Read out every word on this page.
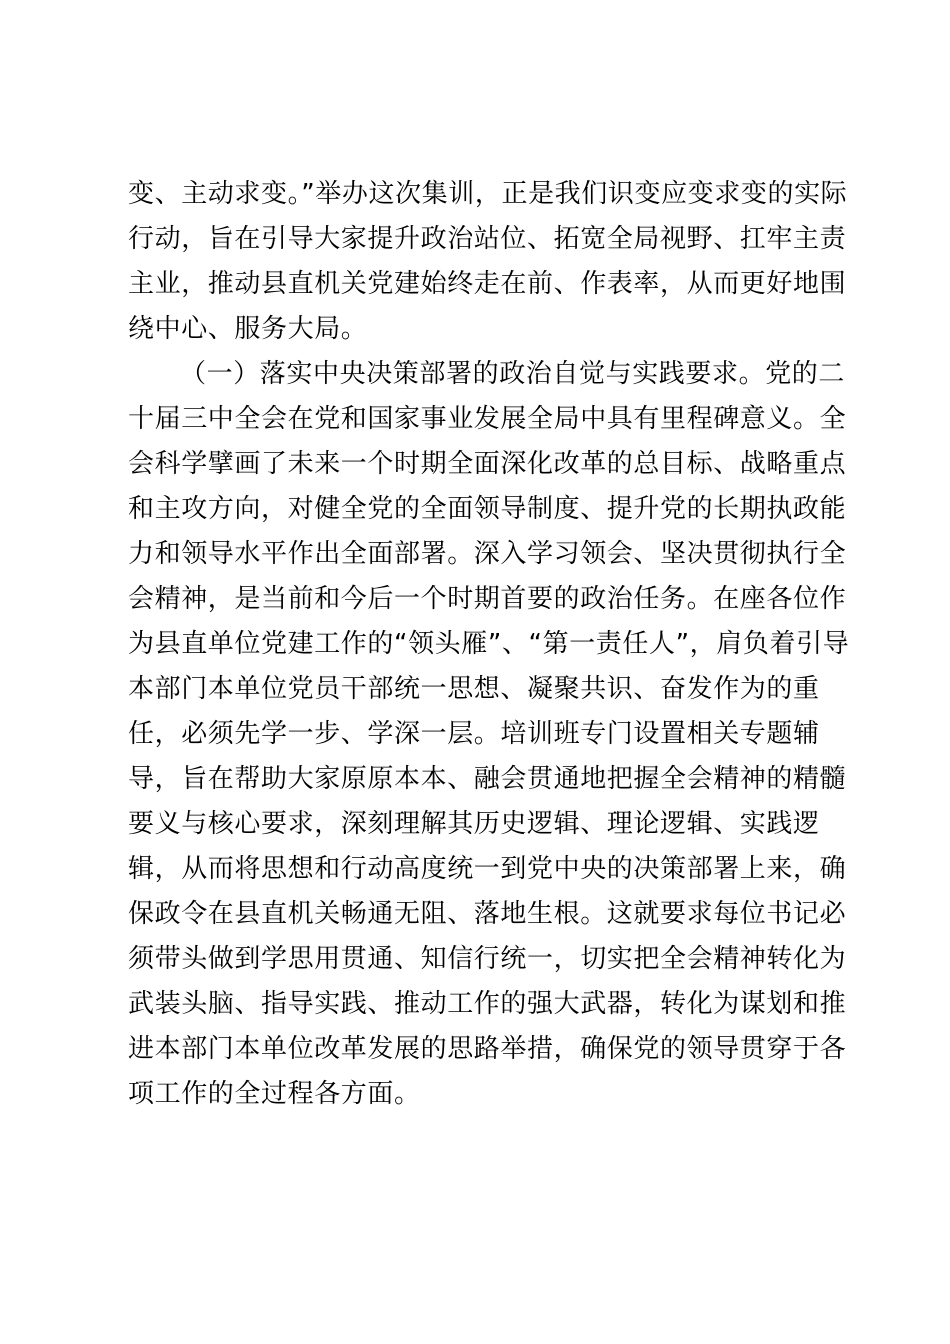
变、主动求变。”举办这次集训，正是我们识变应变求变的实际
行动，旨在引导大家提升政治站位、拓宽全局视野、扛牢主责
主业，推动县直机关党建始终走在前、作表率，从而更好地围
绕中心、服务大局。
（一）落实中央决策部署的政治自觉与实践要求。党的二
十届三中全会在党和国家事业发展全局中具有里程碑意义。全
会科学擘画了未来一个时期全面深化改革的总目标、战略重点
和主攻方向，对健全党的全面领导制度、提升党的长期执政能
力和领导水平作出全面部署。深入学习领会、坚决贯彻执行全
会精神，是当前和今后一个时期首要的政治任务。在座各位作
为县直单位党建工作的“领头雁”、“第一责任人”，肩负着引导
本部门本单位党员干部统一思想、凝聚共识、奋发作为的重
任，必须先学一步、学深一层。培训班专门设置相关专题辅
导，旨在帮助大家原原本本、融会贯通地把握全会精神的精髓
要义与核心要求，深刻理解其历史逻辑、理论逻辑、实践逻
辑，从而将思想和行动高度统一到党中央的决策部署上来，确
保政令在县直机关畅通无阻、落地生根。这就要求每位书记必
须带头做到学思用贯通、知信行统一，切实把全会精神转化为
武装头脑、指导实践、推动工作的强大武器，转化为谋划和推
进本部门本单位改革发展的思路举措，确保党的领导贯穿于各
项工作的全过程各方面。
